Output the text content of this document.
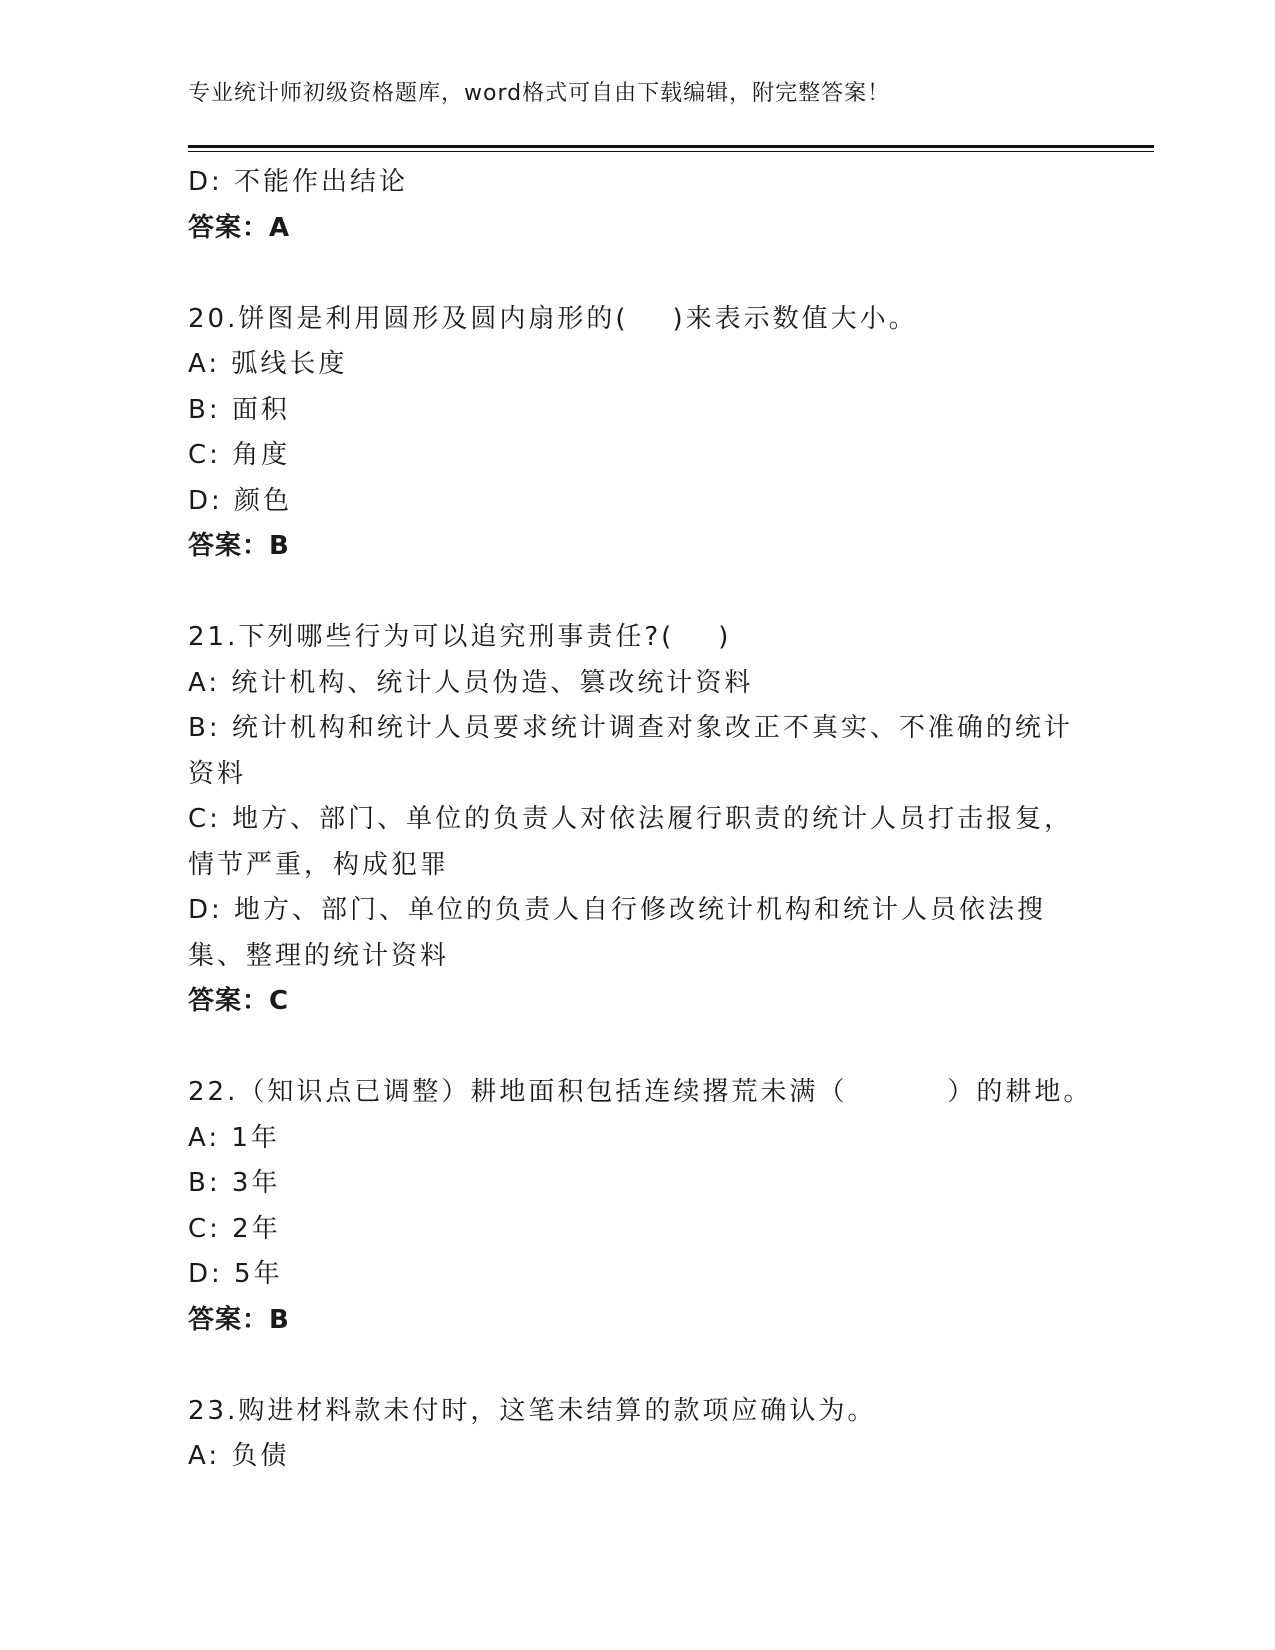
专业统计师初级资格题库，word格式可自由下载编辑，附完整答案！
D: 不能作出结论
答案：A
20.饼图是利用圆形及圆内扇形的( )来表示数值大小。
A: 弧线长度
B: 面积
C: 角度
D: 颜色
答案：B
21.下列哪些行为可以追究刑事责任?( )
A: 统计机构、统计人员伪造、篡改统计资料
B: 统计机构和统计人员要求统计调查对象改正不真实、不准确的统计资料
C: 地方、部门、单位的负责人对依法履行职责的统计人员打击报复，情节严重，构成犯罪
D: 地方、部门、单位的负责人自行修改统计机构和统计人员依法搜集、整理的统计资料
答案：C
22.（知识点已调整）耕地面积包括连续撂荒未满（	）的耕地。
A: 1年
B: 3年
C: 2年
D: 5年
答案：B
23.购进材料款未付时，这笔未结算的款项应确认为。
A: 负债
